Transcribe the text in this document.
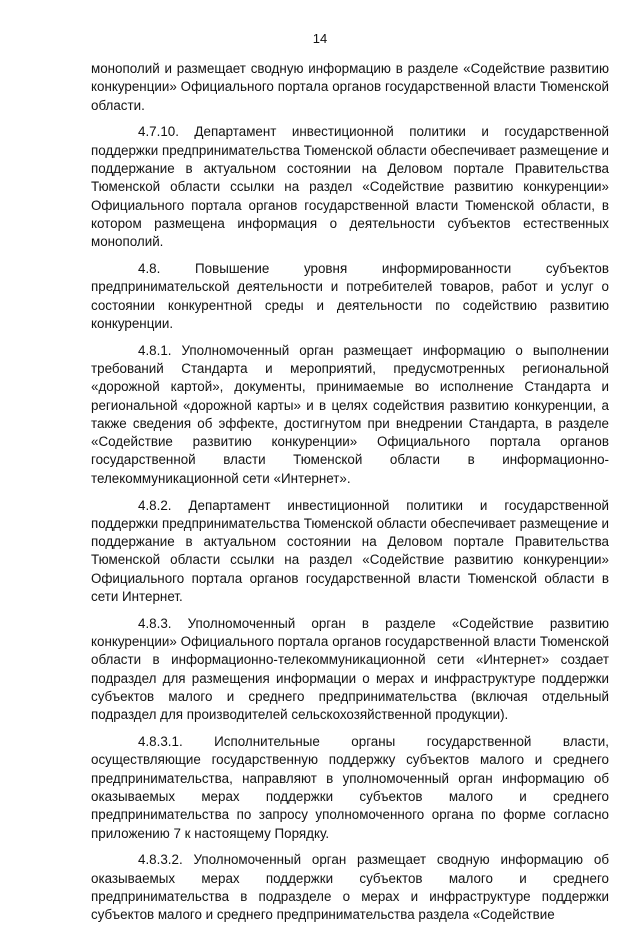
14

монополий и размещает сводную информацию в разделе «Содействие развитию конкуренции» Официального портала органов государственной власти Тюменской области.

4.7.10. Департамент инвестиционной политики и государственной поддержки предпринимательства Тюменской области обеспечивает размещение и поддержание в актуальном состоянии на Деловом портале Правительства Тюменской области ссылки на раздел «Содействие развитию конкуренции» Официального портала органов государственной власти Тюменской области, в котором размещена информация о деятельности субъектов естественных монополий.

4.8. Повышение уровня информированности субъектов предпринимательской деятельности и потребителей товаров, работ и услуг о состоянии конкурентной среды и деятельности по содействию развитию конкуренции.

4.8.1. Уполномоченный орган размещает информацию о выполнении требований Стандарта и мероприятий, предусмотренных региональной «дорожной картой», документы, принимаемые во исполнение Стандарта и региональной «дорожной карты» и в целях содействия развитию конкуренции, а также сведения об эффекте, достигнутом при внедрении Стандарта, в разделе «Содействие развитию конкуренции» Официального портала органов государственной власти Тюменской области в информационно-телекоммуникационной сети «Интернет».

4.8.2. Департамент инвестиционной политики и государственной поддержки предпринимательства Тюменской области обеспечивает размещение и поддержание в актуальном состоянии на Деловом портале Правительства Тюменской области ссылки на раздел «Содействие развитию конкуренции» Официального портала органов государственной власти Тюменской области в сети Интернет.

4.8.3. Уполномоченный орган в разделе «Содействие развитию конкуренции» Официального портала органов государственной власти Тюменской области в информационно-телекоммуникационной сети «Интернет» создает подраздел для размещения информации о мерах и инфраструктуре поддержки субъектов малого и среднего предпринимательства (включая отдельный подраздел для производителей сельскохозяйственной продукции).

4.8.3.1. Исполнительные органы государственной власти, осуществляющие государственную поддержку субъектов малого и среднего предпринимательства, направляют в уполномоченный орган информацию об оказываемых мерах поддержки субъектов малого и среднего предпринимательства по запросу уполномоченного органа по форме согласно приложению 7 к настоящему Порядку.

4.8.3.2. Уполномоченный орган размещает сводную информацию об оказываемых мерах поддержки субъектов малого и среднего предпринимательства в подразделе о мерах и инфраструктуре поддержки субъектов малого и среднего предпринимательства раздела «Содействие
